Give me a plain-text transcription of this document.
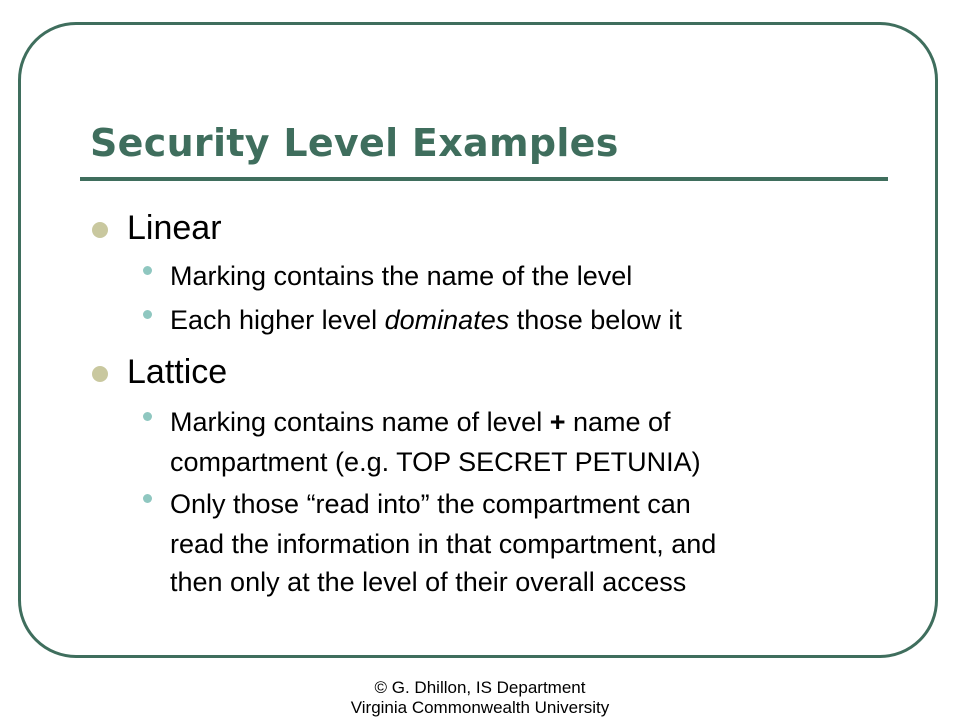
Security Level Examples
Linear
Marking contains the name of the level
Each higher level dominates those below it
Lattice
Marking contains name of level + name of
compartment (e.g. TOP SECRET PETUNIA)
Only those “read into” the compartment can
read the information in that compartment, and
then only at the level of their overall access
© G. Dhillon, IS Department
Virginia Commonwealth University
